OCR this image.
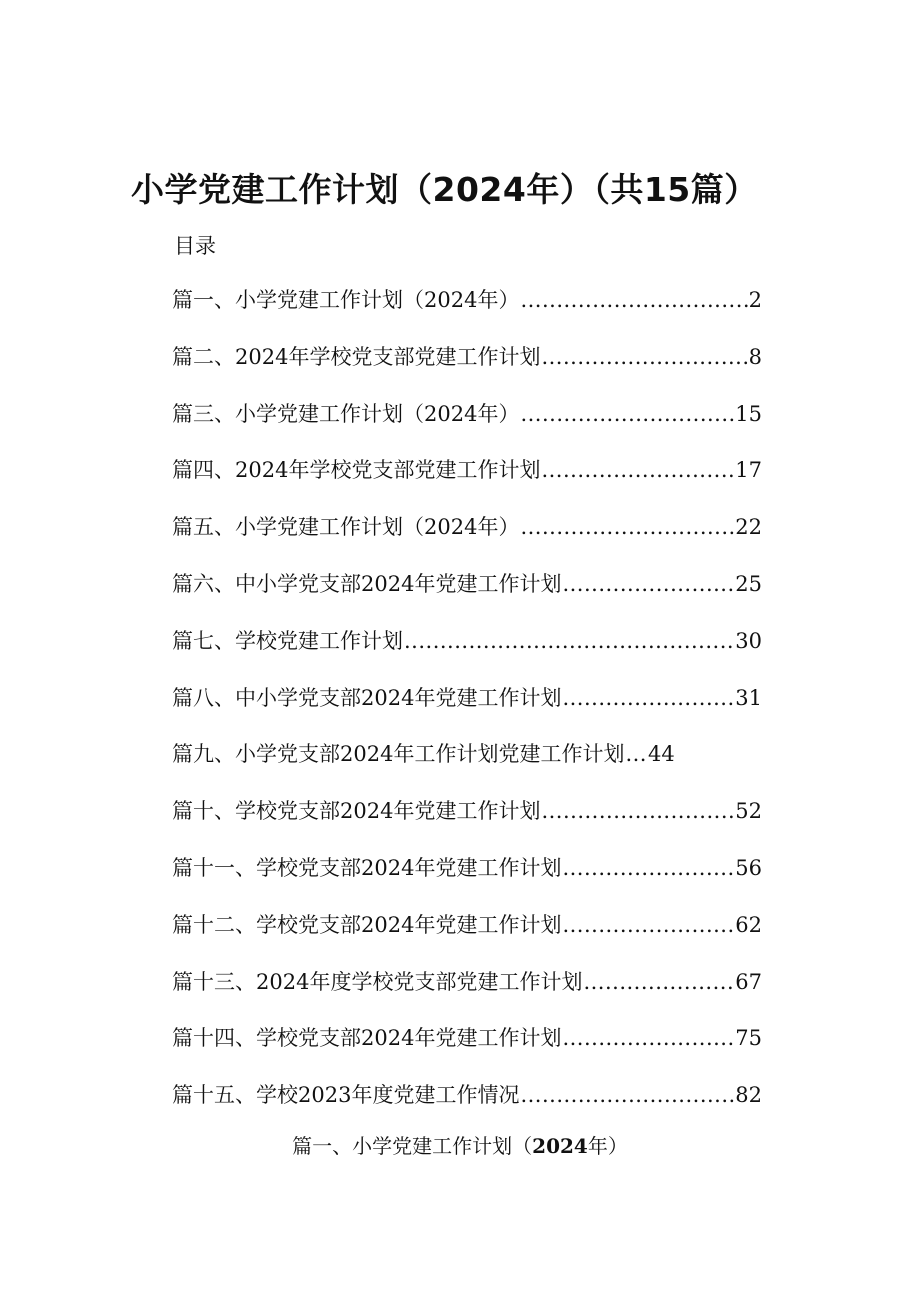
小学党建工作计划（2024年）（共15篇）
目录
篇一、小学党建工作计划（2024年） .....	2
篇二、2024年学校党支部党建工作计划 .....	8
篇三、小学党建工作计划（2024年） .....	15
篇四、2024年学校党支部党建工作计划 .....	17
篇五、小学党建工作计划（2024年） .....	22
篇六、中小学党支部2024年党建工作计划 .....	25
篇七、学校党建工作计划 .....	30
篇八、中小学党支部2024年党建工作计划 .....	31
篇九、小学党支部2024年工作计划党建工作计划 ... 44
篇十、学校党支部2024年党建工作计划 .....	52
篇十一、学校党支部2024年党建工作计划 .....	56
篇十二、学校党支部2024年党建工作计划 .....	62
篇十三、2024年度学校党支部党建工作计划 .....	67
篇十四、学校党支部2024年党建工作计划 .....	75
篇十五、学校2023年度党建工作情况 .....	82
篇一、小学党建工作计划（2024年）
